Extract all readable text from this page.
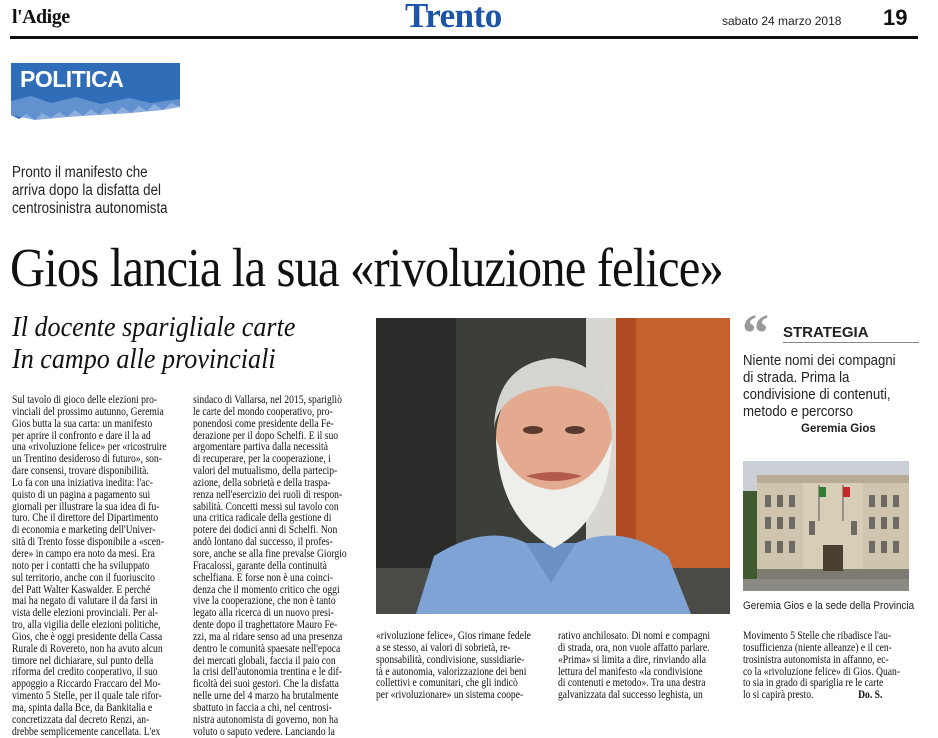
l'Adige	Trento	sabato 24 marzo 2018 19
POLITICA
Pronto il manifesto che
arriva dopo la disfatta del
centrosinistra autonomista
Gios lancia la sua «rivoluzione felice»
Il docente sparigliale carte
In campo alle provinciali
Sul tavolo di gioco delle elezioni pro-
vinciali del prossimo autunno, Geremia
Gios butta la sua carta: un manifesto
per aprire il confronto e dare il la ad
una «rivoluzione felice» per «ricostruire
un Trentino desideroso di futuro», son-
dare consensi, trovare disponibilità.
Lo fa con una iniziativa inedita: l'ac-
quisto di un pagina a pagamento sui
giornali per illustrare la sua idea di fu-
turo. Che il direttore del Dipartimento
di economia e marketing dell'Univer-
sità di Trento fosse disponibile a «scen-
dere» in campo era noto da mesi. Era
noto per i contatti che ha sviluppato
sul territorio, anche con il fuoriuscito
del Patt Walter Kaswalder. E perché
mai ha negato di valutare il da farsi in
vista delle elezioni provinciali. Per al-
tro, alla vigilia delle elezioni politiche,
Gios, che è oggi presidente della Cassa
Rurale di Rovereto, non ha avuto alcun
timore nel dichiarare, sul punto della
riforma del credito cooperativo, il suo
appoggio a Riccardo Fraccaro del Mo-
vimento 5 Stelle, per il quale tale rifor-
ma, spinta dalla Bce, da Bankitalia e
concretizzata dal decreto Renzi, an-
drebbe semplicemente cancellata. L'ex
sindaco di Vallarsa, nel 2015, sparigliò
le carte del mondo cooperativo, pro-
ponendosi come presidente della Fe-
derazione per il dopo Schelfi. E il suo
argomentare partiva dalla necessità
di recuperare, per la cooperazione, i
valori del mutualismo, della partecip-
azione, della sobrietà e della traspa-
renza nell'esercizio dei ruoli di respon-
sabilità. Concetti messi sul tavolo con
una critica radicale della gestione di
potere dei dodici anni di Schelfi. Non
andò lontano dal successo, il profes-
sore, anche se alla fine prevalse Giorgio
Fracalossi, garante della continuità
schelfiana. E forse non è una coinci-
denza che il momento critico che oggi
vive la cooperazione, che non è tanto
legato alla ricerca di un nuovo presi-
dente dopo il traghettatore Mauro Fe-
zzi, ma al ridare senso ad una presenza
dentro le comunità spaesate nell'epoca
dei mercati globali, faccia il paio con
la crisi dell'autonomia trentina e le dif-
ficoltà dei suoi gestori. Che la disfatta
nelle urne del 4 marzo ha brutalmente
sbattuto in faccia a chi, nel centrosi-
nistra autonomista di governo, non ha
voluto o saputo vedere. Lanciando la
«rivoluzione felice», Gios rimane fedele
a se stesso, ai valori di sobrietà, re-
sponsabilità, condivisione, sussidiarie-
tà e autonomia, valorizzazione dei beni
collettivi e comunitari, che gli indicò
per «rivoluzionare» un sistema coope-
rativo anchilosato. Di nomi e compagni
di strada, ora, non vuole affatto parlare.
«Prima» si limita a dire, rinviando alla
lettura del manifesto «la condivisione
di contenuti e metodo». Tra una destra
galvanizzata dal successo leghista, un
Movimento 5 Stelle che ribadisce l'au-
tosufficienza (niente alleanze) e il cen-
trosinistra autonomista in affanno, ec-
co la «rivoluzione felice» di Gios. Quan-
to sia in grado di spariglia re le carte
lo si capirà presto.	Do. S.
“ STRATEGIA
Niente nomi dei compagni
di strada. Prima la
condivisione di contenuti,
metodo e percorso
Geremia Gios
Geremia Gios e la sede della Provincia
